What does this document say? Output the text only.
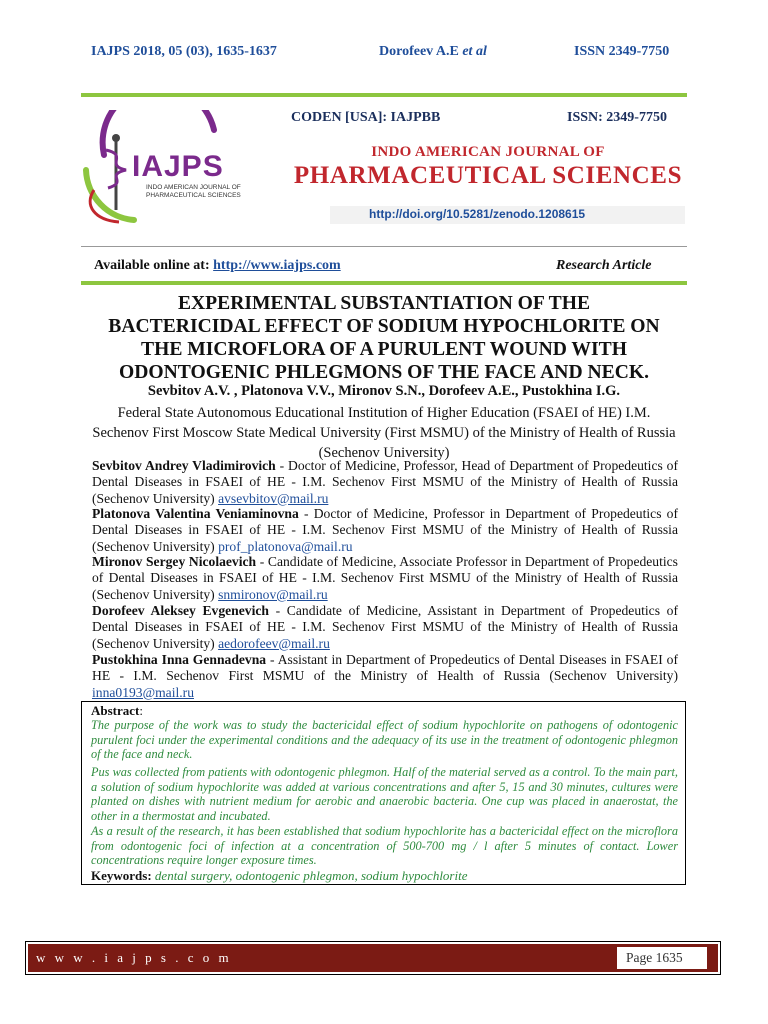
IAJPS 2018, 05 (03), 1635-1637	Dorofeev A.E et al	ISSN 2349-7750
IAJPS
INDO AMERICAN JOURNAL OF
PHARMACEUTICAL SCIENCES
CODEN [USA]: IAJPBB	ISSN: 2349-7750
INDO AMERICAN JOURNAL OF
PHARMACEUTICAL SCIENCES
http://doi.org/10.5281/zenodo.1208615
Available online at: http://www.iajps.com	Research Article
EXPERIMENTAL SUBSTANTIATION OF THE
BACTERICIDAL EFFECT OF SODIUM HYPOCHLORITE ON
THE MICROFLORA OF A PURULENT WOUND WITH
ODONTOGENIC PHLEGMONS OF THE FACE AND NECK.
Sevbitov A.V. , Platonova V.V., Mironov S.N., Dorofeev A.E., Pustokhina I.G.
Federal State Autonomous Educational Institution of Higher Education (FSAEI of HE) I.M. Sechenov First Moscow State Medical University (First MSMU) of the Ministry of Health of Russia (Sechenov University)
Sevbitov Andrey Vladimirovich - Doctor of Medicine, Professor, Head of Department of Propedeutics of Dental Diseases in FSAEI of HE - I.M. Sechenov First MSMU of the Ministry of Health of Russia (Sechenov University) avsevbitov@mail.ru
Platonova Valentina Veniaminovna - Doctor of Medicine, Professor in Department of Propedeutics of Dental Diseases in FSAEI of HE - I.M. Sechenov First MSMU of the Ministry of Health of Russia (Sechenov University) prof_platonova@mail.ru
Mironov Sergey Nicolaevich - Candidate of Medicine, Associate Professor in Department of Propedeutics of Dental Diseases in FSAEI of HE - I.M. Sechenov First MSMU of the Ministry of Health of Russia (Sechenov University) snmironov@mail.ru
Dorofeev Aleksey Evgenevich - Candidate of Medicine, Assistant in Department of Propedeutics of Dental Diseases in FSAEI of HE - I.M. Sechenov First MSMU of the Ministry of Health of Russia (Sechenov University) aedorofeev@mail.ru
Pustokhina Inna Gennadevna - Assistant in Department of Propedeutics of Dental Diseases in FSAEI of HE - I.M. Sechenov First MSMU of the Ministry of Health of Russia (Sechenov University) inna0193@mail.ru
Abstract:
The purpose of the work was to study the bactericidal effect of sodium hypochlorite on pathogens of odontogenic purulent foci under the experimental conditions and the adequacy of its use in the treatment of odontogenic phlegmon of the face and neck.
Pus was collected from patients with odontogenic phlegmon. Half of the material served as a control. To the main part, a solution of sodium hypochlorite was added at various concentrations and after 5, 15 and 30 minutes, cultures were planted on dishes with nutrient medium for aerobic and anaerobic bacteria. One cup was placed in anaerostat, the other in a thermostat and incubated.
As a result of the research, it has been established that sodium hypochlorite has a bactericidal effect on the microflora from odontogenic foci of infection at a concentration of 500-700 mg / l after 5 minutes of contact. Lower concentrations require longer exposure times.
Keywords: dental surgery, odontogenic phlegmon, sodium hypochlorite
w w w . i a j p s . c o m	Page 1635
